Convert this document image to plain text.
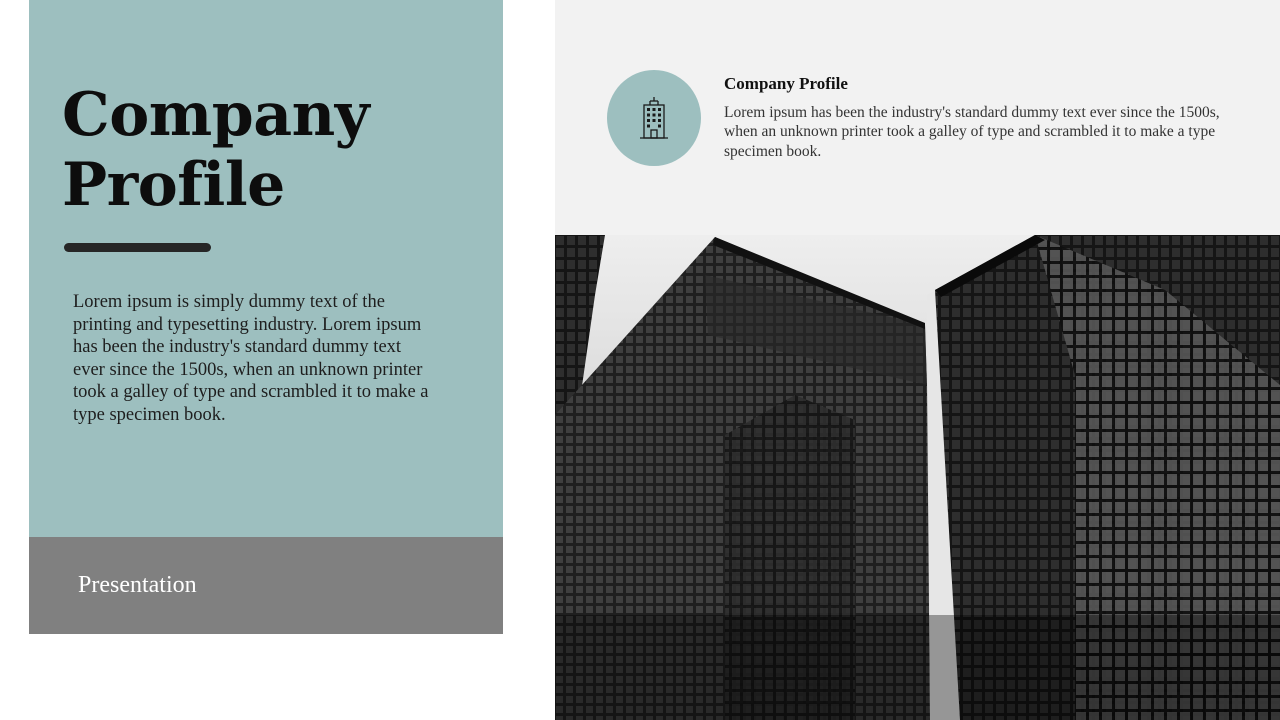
Company
Profile

Lorem ipsum is simply dummy text of the printing and typesetting industry. Lorem ipsum has been the industry's standard dummy text ever since the 1500s, when an unknown printer took a galley of type and scrambled it to make a type specimen book.

Presentation

Company Profile

Lorem ipsum has been the industry's standard dummy text ever since the 1500s, when an unknown printer took a galley of type and scrambled it to make a type specimen book.
